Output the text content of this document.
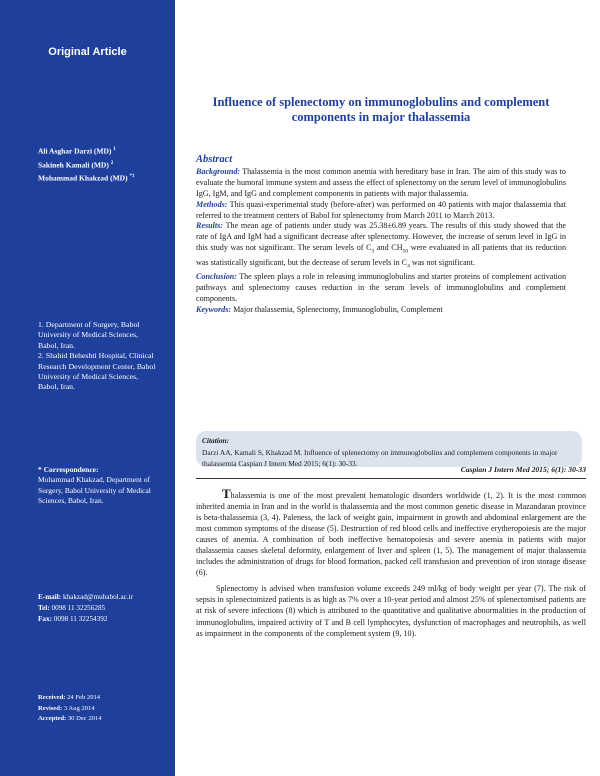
Original Article
Ali Asghar Darzi (MD) $^1$
Sakineh Kamali (MD) $^2$
Mohammad Khakzad (MD) $^{*1}$
1. Department of Surgery, Babol University of Medical Sciences, Babol, Iran.
2. Shahid Beheshti Hospital, Clinical Research Development Center, Babol University of Medical Sciences, Babol, Iran.
* Correspondence:
Mohammad Khakzad, Department of Surgery, Babol University of Medical Sciences, Babol, Iran.
E-mail: khakzad@mubabol.ac.ir
Tel: 0098 11 32256285
Fax: 0098 11 32254392
Received: 24 Feb 2014
Revised: 3 Aug 2014
Accepted: 30 Dec 2014
Influence of splenectomy on immunoglobulins and complement components in major thalassemia
Abstract

Background: Thalassemia is the most common anemia with hereditary base in Iran. The aim of this study was to evaluate the humoral immune system and assess the effect of splenectomy on the serum level of immunoglobulins IgG, IgM, and IgG and complement components in patients with major thalassemia.

Methods: This quasi-experimental study (before-after) was performed on 40 patients with major thalassemia that referred to the treatment centers of Babol for splenectomy from March 2011 to March 2013.

Results: The mean age of patients under study was 25.38±6.89 years. The results of this study showed that the rate of IgA and IgM had a significant decrease after splenectomy. However, the increase of serum level in IgG in this study was not significant. The serum levels of $C_3$ and $CH_{50}$ were evaluated in all patients that its reduction was statistically significant, but the decrease of serum levels in $C_4$ was not significant.

Conclusion: The spleen plays a role in releasing immunoglobulins and starter proteins of complement activation pathways and splenectomy causes reduction in the serum levels of immunoglobulins and complement components.

Keywords: Major thalassemia, Splenectomy, Immunoglobulin, Complement

Citation:
Darzi AA, Kamali S, Khakzad M. Influence of splenectomy on immunoglobulins and complement components in major thalassemia Caspian J Intern Med 2015; 6(1): 30-33.
Caspian J Intern Med 2015; 6(1): 30-33

Thalassemia is one of the most prevalent hematologic disorders worldwide (1, 2). It is the most common inherited anemia in Iran and in the world is thalassemia and the most common genetic disease in Mazandaran province is beta-thalassemia (3, 4). Paleness, the lack of weight gain, impairment in growth and abdominal enlargement are the most common symptoms of the disease (5). Destruction of red blood cells and ineffective erytheropoiesis are the major causes of anemia. A combination of both ineffective hematopoiesis and severe anemia in patients with major thalassemia causes skeletal deformity, enlargement of liver and spleen (1, 5). The management of major thalassemia includes the administration of drugs for blood formation, packed cell transfusion and prevention of iron storage disease (6).

Splenectomy is advised when transfusion volume exceeds 249 ml/kg of body weight per year (7). The risk of sepsis in splenectomized patients is as high as 7% over a 10-year period and almost 25% of splenectomised patients are at risk of severe infections (8) which is attributed to the quantitative and qualitative abnormalities in the production of immunoglobulins, impaired activity of T and B cell lymphocytes, dysfunction of macrophages and neutrophils, as well as impairment in the components of the complement system (9, 10).
